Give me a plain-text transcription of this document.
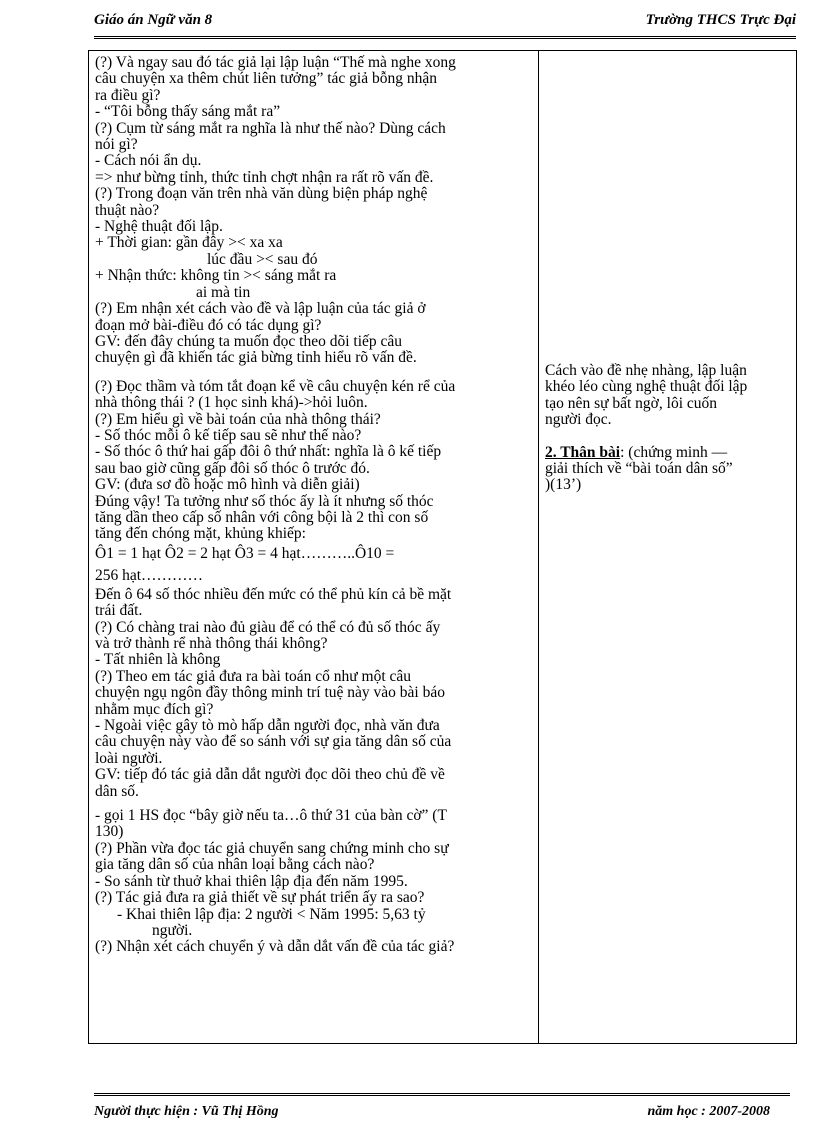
Giáo án Ngữ văn 8	Trường THCS Trực Đại
(?) Và ngay sau đó tác giả lại lập luận “Thế mà nghe xong
câu chuyện xa thêm chút liên tưởng” tác giả bỗng nhận
ra điều gì?
- “Tôi bỗng thấy sáng mắt ra”
(?) Cụm từ sáng mắt ra nghĩa là như thế nào? Dùng cách
nói gì?
- Cách nói ẩn dụ.
=> như bừng tỉnh, thức tỉnh chợt nhận ra rất rõ vấn đề.
(?) Trong đoạn văn trên nhà văn dùng biện pháp nghệ
thuật nào?
- Nghệ thuật đối lập.
+ Thời gian: gần đây >< xa xa
lúc đầu >< sau đó
+ Nhận thức: không tin >< sáng mắt ra
ai mà tin
(?) Em nhận xét cách vào đề và lập luận của tác giả ở
đoạn mở bài-điều đó có tác dụng gì?
GV: đến đây chúng ta muốn đọc theo dõi tiếp câu
chuyện gì đã khiến tác giả bừng tỉnh hiểu rõ vấn đề.
(?) Đọc thầm và tóm tắt đoạn kể về câu chuyện kén rể của
nhà thông thái ? (1 học sinh khá)->hỏi luôn.
(?) Em hiểu gì về bài toán của nhà thông thái?
- Số thóc mỗi ô kế tiếp sau sẽ như thế nào?
- Số thóc ô thứ hai gấp đôi ô thứ nhất: nghĩa là ô kế tiếp
sau bao giờ cũng gấp đôi số thóc ô trước đó.
GV: (đưa sơ đồ hoặc mô hình và diễn giải)
Đúng vậy! Ta tưởng như số thóc ấy là ít nhưng số thóc
tăng dần theo cấp số nhân với công bội là 2 thì con số
tăng đến chóng mặt, khủng khiếp:
Ô1 = 1 hạt Ô2 = 2 hạt Ô3 = 4 hạt………..Ô10 =
256 hạt…………
Đến ô 64 số thóc nhiều đến mức có thể phủ kín cả bề mặt
trái đất.
(?) Có chàng trai nào đủ giàu để có thể có đủ số thóc ấy
và trở thành rể nhà thông thái không?
- Tất nhiên là không
(?) Theo em tác giả đưa ra bài toán cổ như một câu
chuyện ngụ ngôn đầy thông minh trí tuệ này vào bài báo
nhằm mục đích gì?
- Ngoài việc gây tò mò hấp dẫn người đọc, nhà văn đưa
câu chuyện này vào để so sánh với sự gia tăng dân số của
loài người.
GV: tiếp đó tác giả dẫn dắt người đọc dõi theo chủ đề về
dân số.
- gọi 1 HS đọc “bây giờ nếu ta…ô thứ 31 của bàn cờ” (T
130)
(?) Phần vừa đọc tác giả chuyển sang chứng minh cho sự
gia tăng dân số của nhân loại bằng cách nào?
- So sánh từ thuở khai thiên lập địa đến năm 1995.
(?) Tác giả đưa ra giả thiết về sự phát triển ấy ra sao?
- Khai thiên lập địa: 2 người < Năm 1995: 5,63 tỷ
người.
(?) Nhận xét cách chuyển ý và dẫn dắt vấn đề của tác giả?
Cách vào đề nhẹ nhàng, lập luận
khéo léo cùng nghệ thuật đối lập
tạo nên sự bất ngờ, lôi cuốn
người đọc.
2. Thân bài: (chứng minh —
giải thích về “bài toán dân số”
)(13’)
Người thực hiện : Vũ Thị Hồng	năm học : 2007-2008
